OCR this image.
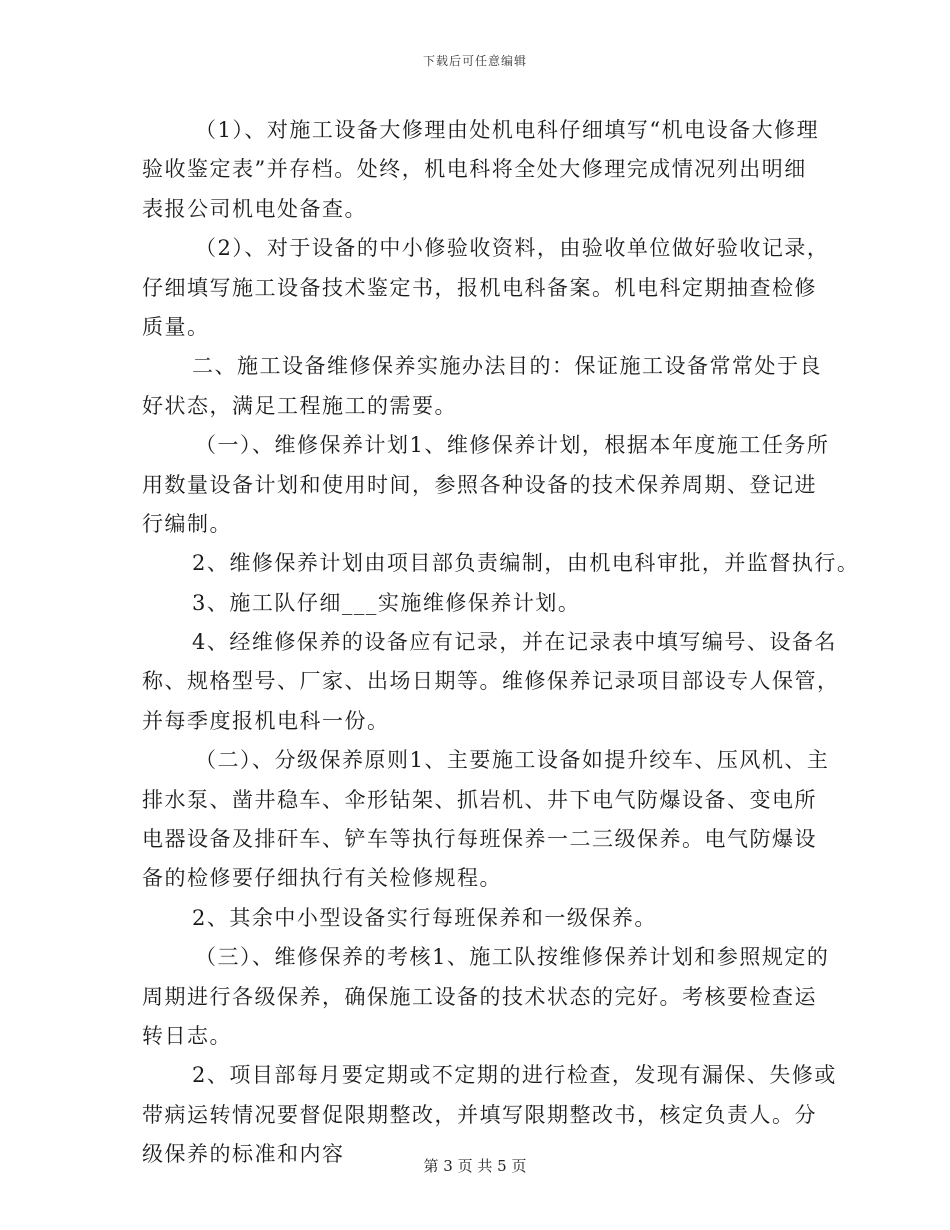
下载后可任意编辑
（1）、对施工设备大修理由处机电科仔细填写“机电设备大修理
验收鉴定表”并存档。处终，机电科将全处大修理完成情况列出明细
表报公司机电处备查。
（2）、对于设备的中小修验收资料，由验收单位做好验收记录，
仔细填写施工设备技术鉴定书，报机电科备案。机电科定期抽查检修
质量。
二、施工设备维修保养实施办法目的：保证施工设备常常处于良
好状态，满足工程施工的需要。
（一）、维修保养计划1、维修保养计划，根据本年度施工任务所
用数量设备计划和使用时间，参照各种设备的技术保养周期、登记进
行编制。
2、维修保养计划由项目部负责编制，由机电科审批，并监督执行。
3、施工队仔细___实施维修保养计划。
4、经维修保养的设备应有记录，并在记录表中填写编号、设备名
称、规格型号、厂家、出场日期等。维修保养记录项目部设专人保管，
并每季度报机电科一份。
（二）、分级保养原则1、主要施工设备如提升绞车、压风机、主
排水泵、凿井稳车、伞形钻架、抓岩机、井下电气防爆设备、变电所
电器设备及排矸车、铲车等执行每班保养一二三级保养。电气防爆设
备的检修要仔细执行有关检修规程。
2、其余中小型设备实行每班保养和一级保养。
（三）、维修保养的考核1、施工队按维修保养计划和参照规定的
周期进行各级保养，确保施工设备的技术状态的完好。考核要检查运
转日志。
2、项目部每月要定期或不定期的进行检查，发现有漏保、失修或
带病运转情况要督促限期整改，并填写限期整改书，核定负责人。分
级保养的标准和内容	第 3 页 共 5 页
